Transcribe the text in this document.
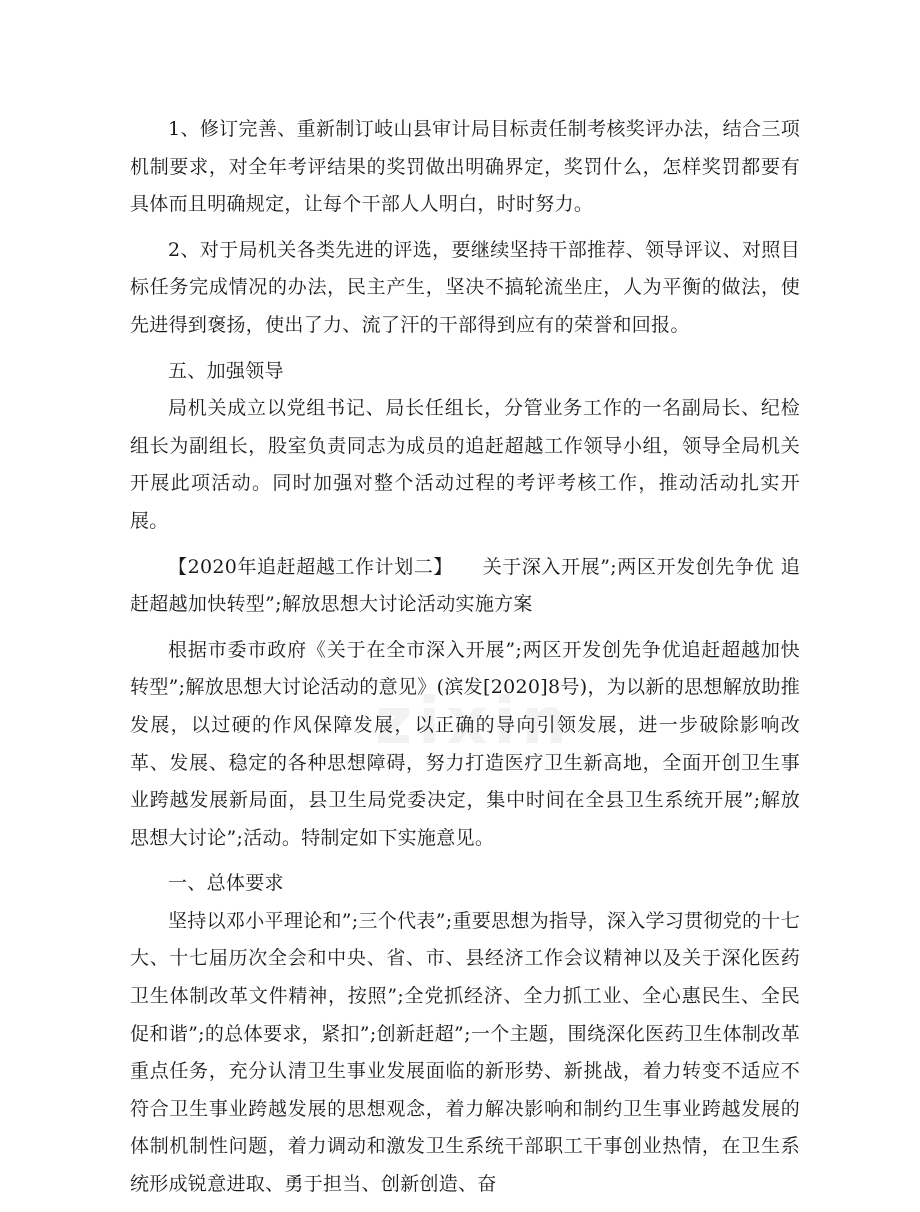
1、修订完善、重新制订岐山县审计局目标责任制考核奖评办法，结合三项机制要求，对全年考评结果的奖罚做出明确界定，奖罚什么，怎样奖罚都要有具体而且明确规定，让每个干部人人明白，时时努力。

2、对于局机关各类先进的评选，要继续坚持干部推荐、领导评议、对照目标任务完成情况的办法，民主产生，坚决不搞轮流坐庄，人为平衡的做法，使先进得到褒扬，使出了力、流了汗的干部得到应有的荣誉和回报。

五、加强领导

局机关成立以党组书记、局长任组长，分管业务工作的一名副局长、纪检组长为副组长，股室负责同志为成员的追赶超越工作领导小组，领导全局机关开展此项活动。同时加强对整个活动过程的考评考核工作，推动活动扎实开展。

【2020年追赶超越工作计划二】　　关于深入开展”;两区开发创先争优 追赶超越加快转型”;解放思想大讨论活动实施方案

根据市委市政府《关于在全市深入开展”;两区开发创先争优追赶超越加快转型”;解放思想大讨论活动的意见》(滨发[2020]8号)，为以新的思想解放助推发展，以过硬的作风保障发展，以正确的导向引领发展，进一步破除影响改革、发展、稳定的各种思想障碍，努力打造医疗卫生新高地，全面开创卫生事业跨越发展新局面，县卫生局党委决定，集中时间在全县卫生系统开展”;解放思想大讨论”;活动。特制定如下实施意见。

一、总体要求

坚持以邓小平理论和”;三个代表”;重要思想为指导，深入学习贯彻党的十七大、十七届历次全会和中央、省、市、县经济工作会议精神以及关于深化医药卫生体制改革文件精神，按照”;全党抓经济、全力抓工业、全心惠民生、全民促和谐”;的总体要求，紧扣”;创新赶超”;一个主题，围绕深化医药卫生体制改革重点任务，充分认清卫生事业发展面临的新形势、新挑战，着力转变不适应不符合卫生事业跨越发展的思想观念，着力解决影响和制约卫生事业跨越发展的体制机制性问题，着力调动和激发卫生系统干部职工干事创业热情，在卫生系统形成锐意进取、勇于担当、创新创造、奋

zixin
